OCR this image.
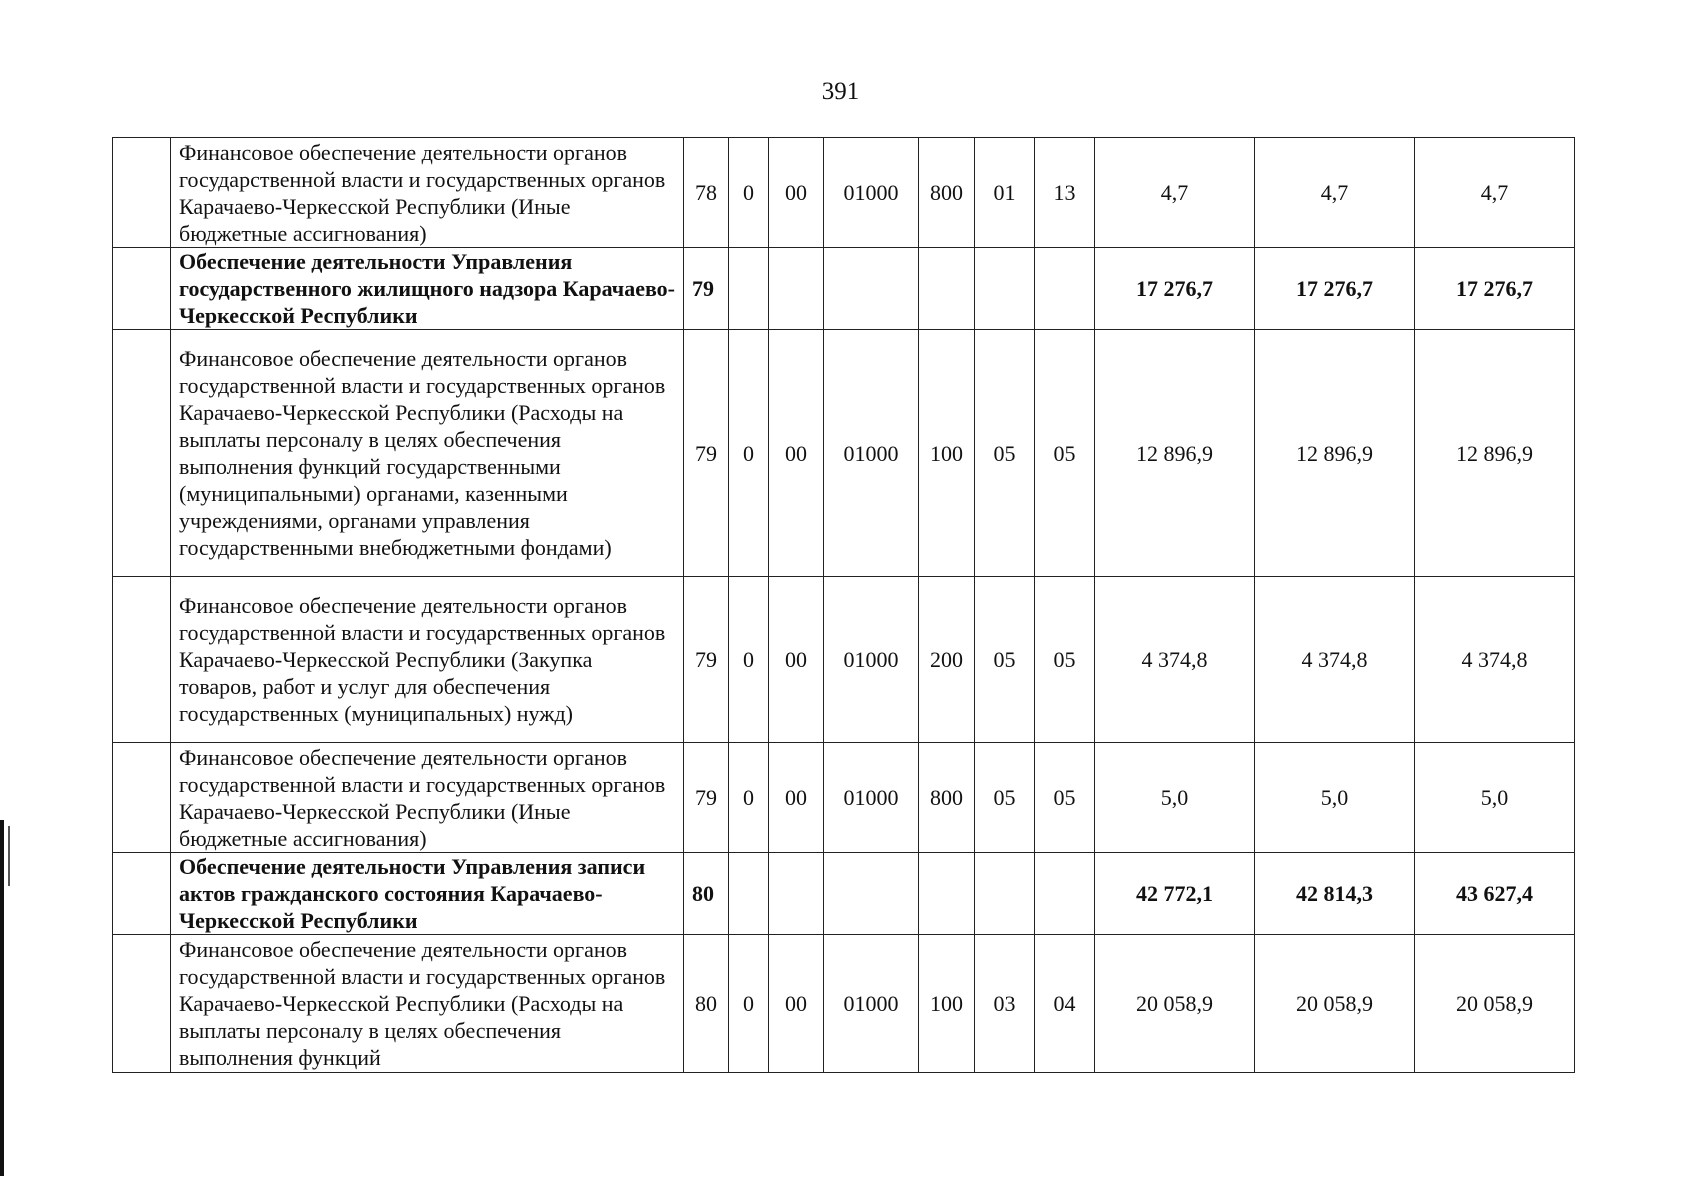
391
	Финансовое обеспечение деятельности органов государственной власти и государственных органов Карачаево-Черкесской Республики (Иные бюджетные ассигнования)	78	0	00	01000	800	01	13	4,7	4,7	4,7
	Обеспечение деятельности Управления государственного жилищного надзора Карачаево-Черкесской Республики	79							17 276,7	17 276,7	17 276,7
	Финансовое обеспечение деятельности органов государственной власти и государственных органов Карачаево-Черкесской Республики (Расходы на выплаты персоналу в целях обеспечения выполнения функций государственными (муниципальными) органами, казенными учреждениями, органами управления государственными внебюджетными фондами)	79	0	00	01000	100	05	05	12 896,9	12 896,9	12 896,9
	Финансовое обеспечение деятельности органов государственной власти и государственных органов Карачаево-Черкесской Республики (Закупка товаров, работ и услуг для обеспечения государственных (муниципальных) нужд)	79	0	00	01000	200	05	05	4 374,8	4 374,8	4 374,8
	Финансовое обеспечение деятельности органов государственной власти и государственных органов Карачаево-Черкесской Республики (Иные бюджетные ассигнования)	79	0	00	01000	800	05	05	5,0	5,0	5,0
	Обеспечение деятельности Управления записи актов гражданского состояния Карачаево-Черкесской Республики	80							42 772,1	42 814,3	43 627,4
	Финансовое обеспечение деятельности органов государственной власти и государственных органов Карачаево-Черкесской Республики (Расходы на выплаты персоналу в целях обеспечения выполнения функций	80	0	00	01000	100	03	04	20 058,9	20 058,9	20 058,9
